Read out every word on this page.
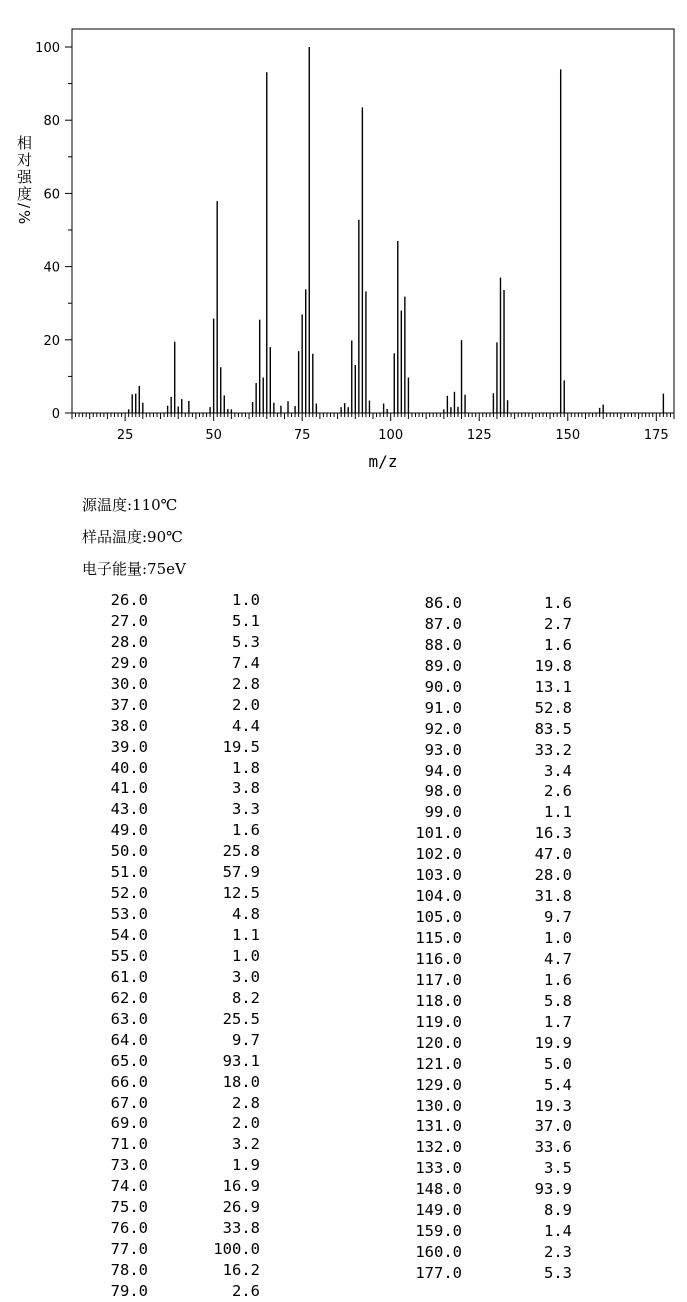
25	50	75	100	125	150	175
0
20
40
60
80
100
m/z
相对强度/%
源温度:110℃
样品温度:90℃
电子能量:75eV
26.0	1.0
27.0	5.1
28.0	5.3
29.0	7.4
30.0	2.8
37.0	2.0
38.0	4.4
39.0	19.5
40.0	1.8
41.0	3.8
43.0	3.3
49.0	1.6
50.0	25.8
51.0	57.9
52.0	12.5
53.0	4.8
54.0	1.1
55.0	1.0
61.0	3.0
62.0	8.2
63.0	25.5
64.0	9.7
65.0	93.1
66.0	18.0
67.0	2.8
69.0	2.0
71.0	3.2
73.0	1.9
74.0	16.9
75.0	26.9
76.0	33.8
77.0	100.0
78.0	16.2
79.0	2.6
86.0	1.6
87.0	2.7
88.0	1.6
89.0	19.8
90.0	13.1
91.0	52.8
92.0	83.5
93.0	33.2
94.0	3.4
98.0	2.6
99.0	1.1
101.0	16.3
102.0	47.0
103.0	28.0
104.0	31.8
105.0	9.7
115.0	1.0
116.0	4.7
117.0	1.6
118.0	5.8
119.0	1.7
120.0	19.9
121.0	5.0
129.0	5.4
130.0	19.3
131.0	37.0
132.0	33.6
133.0	3.5
148.0	93.9
149.0	8.9
159.0	1.4
160.0	2.3
177.0	5.3
